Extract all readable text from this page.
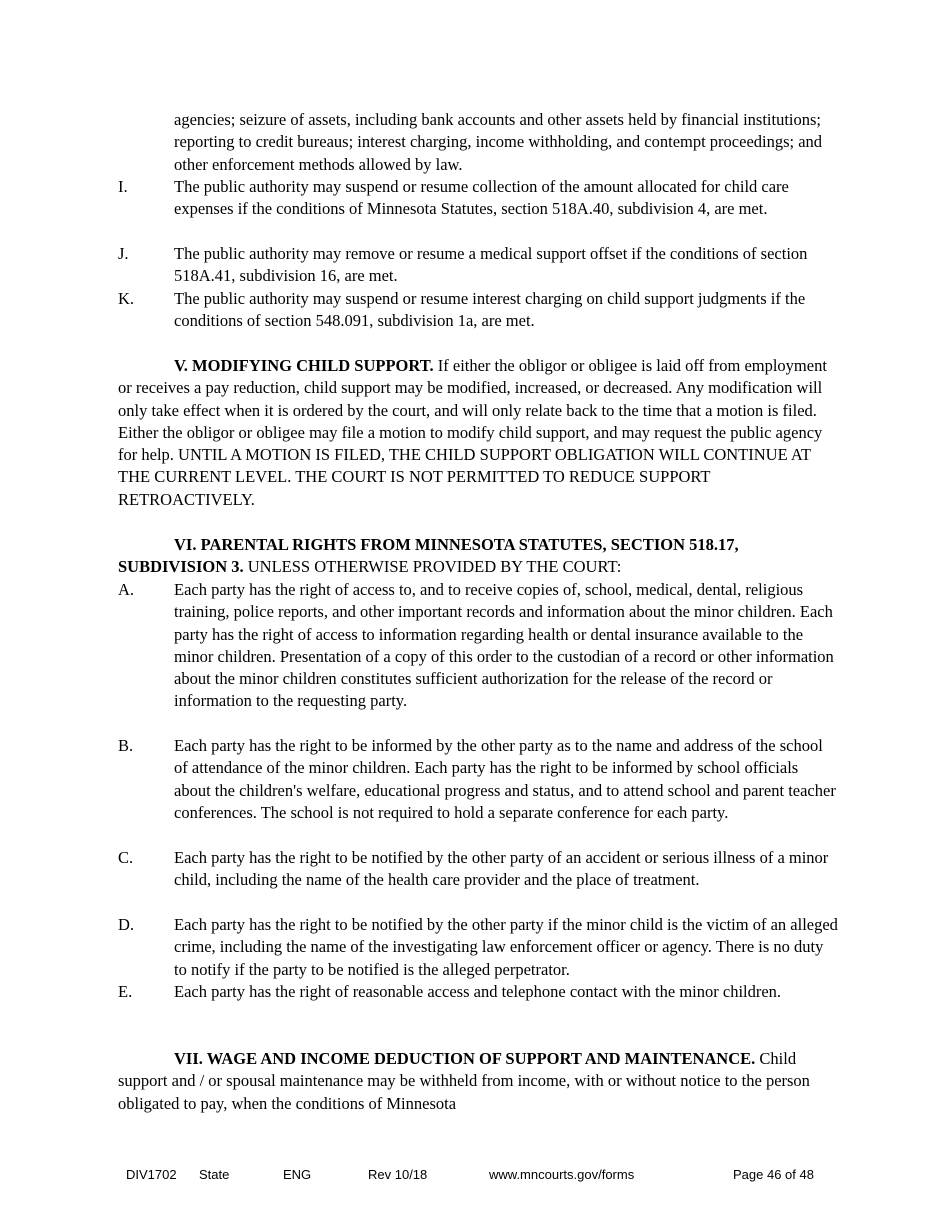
agencies; seizure of assets, including bank accounts and other assets held by financial institutions; reporting to credit bureaus; interest charging, income withholding, and contempt proceedings; and other enforcement methods allowed by law.
I.	The public authority may suspend or resume collection of the amount allocated for child care expenses if the conditions of Minnesota Statutes, section 518A.40, subdivision 4, are met.
J.	The public authority may remove or resume a medical support offset if the conditions of section 518A.41, subdivision 16, are met.
K. The public authority may suspend or resume interest charging on child support judgments if the conditions of section 548.091, subdivision 1a, are met.

V. MODIFYING CHILD SUPPORT. If either the obligor or obligee is laid off from employment or receives a pay reduction, child support may be modified, increased, or decreased. Any modification will only take effect when it is ordered by the court, and will only relate back to the time that a motion is filed. Either the obligor or obligee may file a motion to modify child support, and may request the public agency for help. UNTIL A MOTION IS FILED, THE CHILD SUPPORT OBLIGATION WILL CONTINUE AT THE CURRENT LEVEL. THE COURT IS NOT PERMITTED TO REDUCE SUPPORT RETROACTIVELY.

VI. PARENTAL RIGHTS FROM MINNESOTA STATUTES, SECTION 518.17, SUBDIVISION 3. UNLESS OTHERWISE PROVIDED BY THE COURT:

A. Each party has the right of access to, and to receive copies of, school, medical, dental, religious training, police reports, and other important records and information about the minor children. Each party has the right of access to information regarding health or dental insurance available to the minor children. Presentation of a copy of this order to the custodian of a record or other information about the minor children constitutes sufficient authorization for the release of the record or information to the requesting party.
B. Each party has the right to be informed by the other party as to the name and address of the school of attendance of the minor children. Each party has the right to be informed by school officials about the children's welfare, educational progress and status, and to attend school and parent teacher conferences. The school is not required to hold a separate conference for each party.
C. Each party has the right to be notified by the other party of an accident or serious illness of a minor child, including the name of the health care provider and the place of treatment.
D. Each party has the right to be notified by the other party if the minor child is the victim of an alleged crime, including the name of the investigating law enforcement officer or agency. There is no duty to notify if the party to be notified is the alleged perpetrator.
E.	Each party has the right of reasonable access and telephone contact with the minor children.

VII. WAGE AND INCOME DEDUCTION OF SUPPORT AND MAINTENANCE. Child support and / or spousal maintenance may be withheld from income, with or without notice to the person obligated to pay, when the conditions of Minnesota

DIV1702 State	ENG	Rev 10/18	www.mncourts.gov/forms	Page 46 of 48
